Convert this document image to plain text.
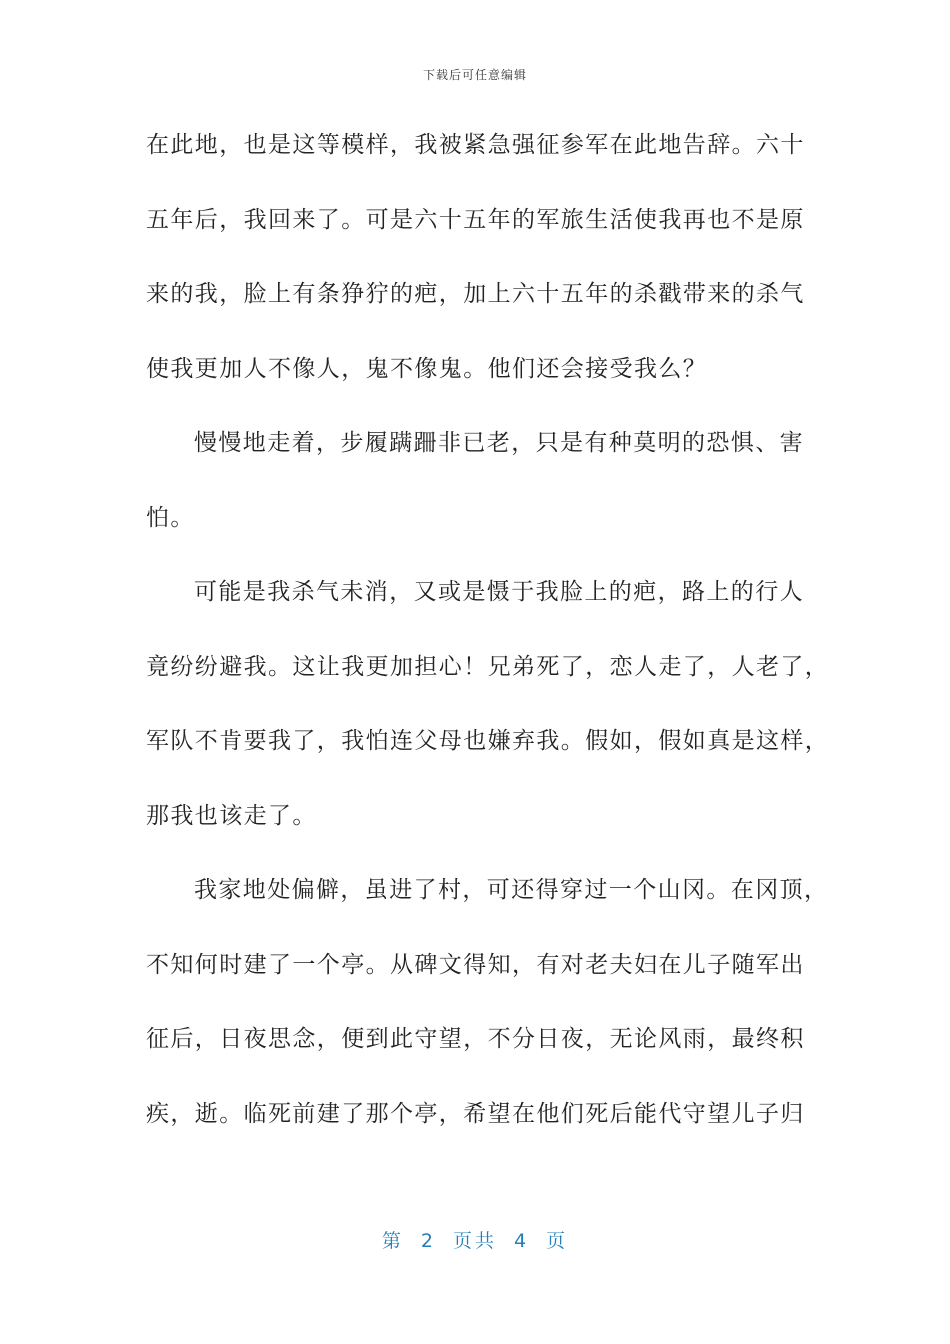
下载后可任意编辑
在此地，也是这等模样，我被紧急强征参军在此地告辞。六十
五年后，我回来了。可是六十五年的军旅生活使我再也不是原
来的我，脸上有条狰狞的疤，加上六十五年的杀戳带来的杀气
使我更加人不像人，鬼不像鬼。他们还会接受我么？
慢慢地走着，步履蹒跚非已老，只是有种莫明的恐惧、害
怕。
可能是我杀气未消，又或是慑于我脸上的疤，路上的行人
竟纷纷避我。这让我更加担心！兄弟死了，恋人走了，人老了，
军队不肯要我了，我怕连父母也嫌弃我。假如，假如真是这样，
那我也该走了。
我家地处偏僻，虽进了村，可还得穿过一个山冈。在冈顶，
不知何时建了一个亭。从碑文得知，有对老夫妇在儿子随军出
征后，日夜思念，便到此守望，不分日夜，无论风雨，最终积
疾，逝。临死前建了那个亭，希望在他们死后能代守望儿子归
第 2 页共 4 页
